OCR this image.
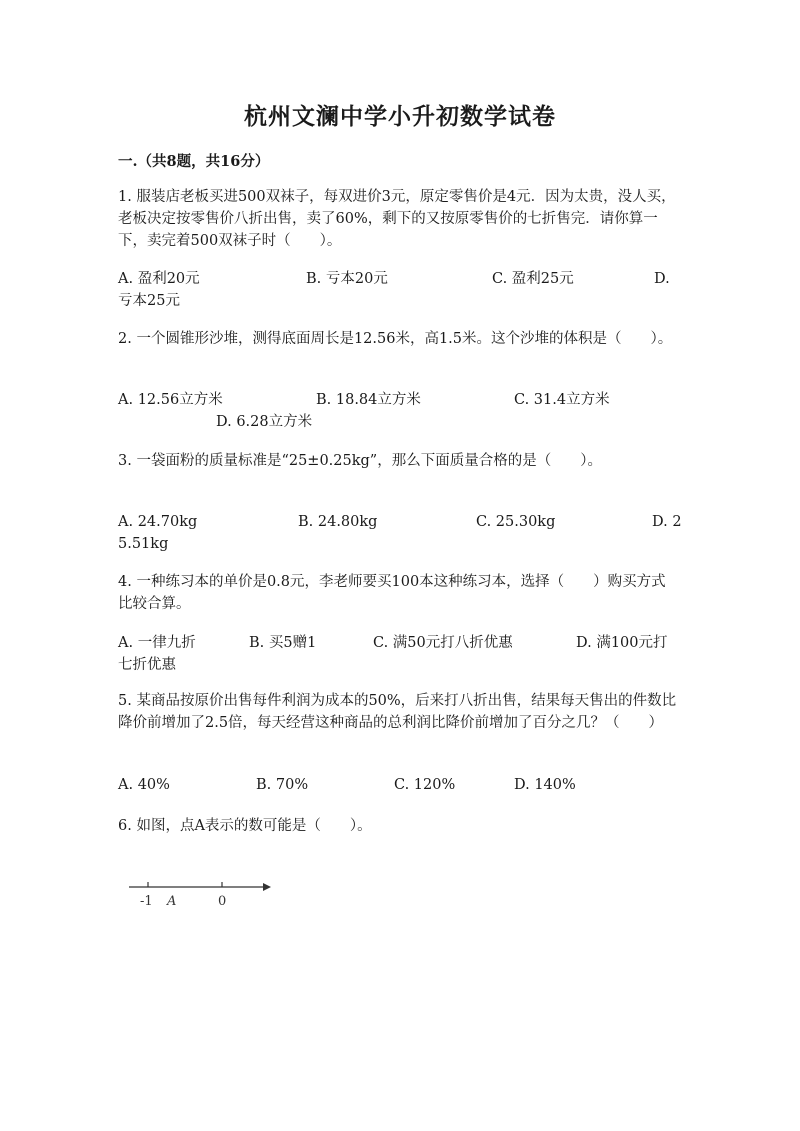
杭州文澜中学小升初数学试卷
一.（共8题，共16分）
1. 服装店老板买进500双袜子，每双进价3元，原定零售价是4元．因为太贵，没人买，老板决定按零售价八折出售，卖了60%，剩下的又按原零售价的七折售完．请你算一下，卖完着500双袜子时（　　）。
A. 盈利20元	B. 亏本20元	C. 盈利25元	D.
亏本25元
2. 一个圆锥形沙堆，测得底面周长是12.56米，高1.5米。这个沙堆的体积是（　　）。
A. 12.56立方米	B. 18.84立方米	C. 31.4立方米
D. 6.28立方米
3. 一袋面粉的质量标准是“25±0.25kg”，那么下面质量合格的是（　　）。
A. 24.70kg	B. 24.80kg	C. 25.30kg	D. 2
5.51kg
4. 一种练习本的单价是0.8元，李老师要买100本这种练习本，选择（　　）购买方式比较合算。
A. 一律九折	B. 买5赠1	C. 满50元打八折优惠	D. 满100元打
七折优惠
5. 某商品按原价出售每件利润为成本的50%，后来打八折出售，结果每天售出的件数比降价前增加了2.5倍，每天经营这种商品的总利润比降价前增加了百分之几？（　　）
A. 40%	B. 70%	C. 120%	D. 140%
6. 如图，点A表示的数可能是（　　）。
-1 A	0
